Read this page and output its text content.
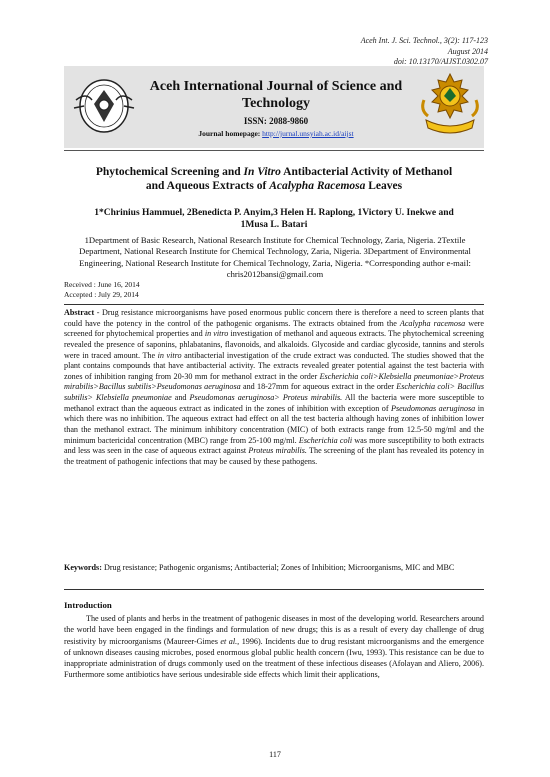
Aceh Int. J. Sci. Technol., 3(2): 117-123
August 2014
doi: 10.13170/AIJST.0302.07
Aceh International Journal of Science and
Technology
ISSN: 2088-9860
Journal homepage: http://jurnal.unsyiah.ac.id/aijst
Phytochemical Screening and In Vitro Antibacterial Activity of Methanol
and Aqueous Extracts of Acalypha Racemosa Leaves
1*Chrinius Hammuel, 2Benedicta P. Anyim,3 Helen H. Raplong, 1Victory U. Inekwe and
1Musa L. Batari
1Department of Basic Research, National Research Institute for Chemical Technology, Zaria, Nigeria. 2Textile Department, National Research Institute for Chemical Technology, Zaria, Nigeria. 3Department of Environmental Engineering, National Research Institute for Chemical Technology, Zaria, Nigeria. *Corresponding author e-mail: chris2012bansi@gmail.com
Received : June 16, 2014
Accepted : July 29, 2014
Abstract - Drug resistance microorganisms have posed enormous public concern there is therefore a need to screen plants that could have the potency in the control of the pathogenic organisms. The extracts obtained from the Acalypha racemosa were screened for phytochemical properties and in vitro investigation of methanol and aqueous extracts. The phytochemical screening revealed the presence of saponins, phlabatanins, flavonoids, and alkaloids. Glycoside and cardiac glycoside, tannins and sterols were in traced amount. The in vitro antibacterial investigation of the crude extract was conducted. The studies showed that the plant contains compounds that have antibacterial activity. The extracts revealed greater potential against the test bacteria with zones of inhibition ranging from 20-30 mm for methanol extract in the order Escherichia coli>Klebsiella pneumoniae>Proteus mirabilis>Bacillus subtilis>Pseudomonas aeruginosa and 18-27mm for aqueous extract in the order Escherichia coli> Bacillus subtilis> Klebsiella pneumoniae and Pseudomonas aeruginosa> Proteus mirabilis. All the bacteria were more susceptible to methanol extract than the aqueous extract as indicated in the zones of inhibition with exception of Pseudomonas aeruginosa in which there was no inhibition. The aqueous extract had effect on all the test bacteria although having zones of inhibition lower than the methanol extract. The minimum inhibitory concentration (MIC) of both extracts range from 12.5-50 mg/ml and the minimum bactericidal concentration (MBC) range from 25-100 mg/ml. Escherichia coli was more susceptibility to both extracts and less was seen in the case of aqueous extract against Proteus mirabilis. The screening of the plant has revealed its potency in the treatment of pathogenic infections that may be caused by these pathogens.
Keywords: Drug resistance; Pathogenic organisms; Antibacterial; Zones of Inhibition; Microorganisms, MIC and MBC
Introduction
The used of plants and herbs in the treatment of pathogenic diseases in most of the developing world. Researchers around the world have been engaged in the findings and formulation of new drugs; this is as a result of every day challenge of drug resistivity by microorganisms (Maureer-Gimes et al., 1996). Incidents due to drug resistant microorganisms and the emergence of unknown diseases causing microbes, posed enormous global public health concern (Iwu, 1993). This resistance can be due to inappropriate administration of drugs commonly used on the treatment of these infectious diseases (Afolayan and Aliero, 2006). Furthermore some antibiotics have serious undesirable side effects which limit their applications,
117
